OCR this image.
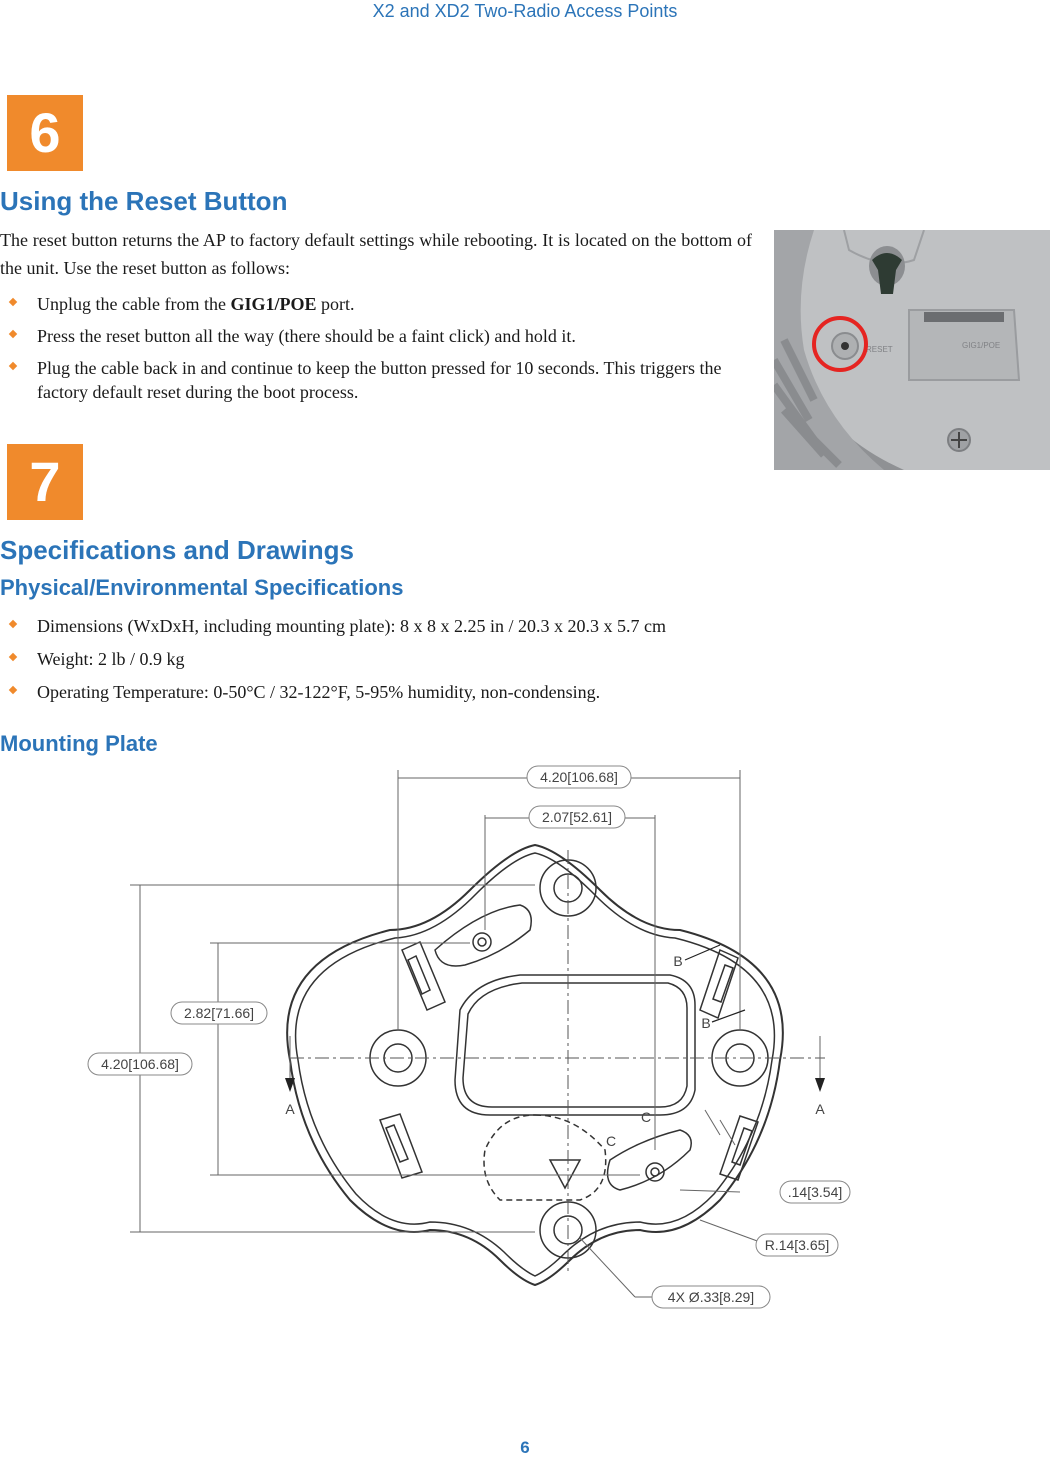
X2 and XD2 Two-Radio Access Points
6
Using the Reset Button
The reset button returns the AP to factory default settings while rebooting. It is located on the bottom of the unit. Use the reset button as follows:
Unplug the cable from the GIG1/POE port.
Press the reset button all the way (there should be a faint click) and hold it.
Plug the cable back in and continue to keep the button pressed for 10 seconds. This triggers the factory default reset during the boot process.
GIG1/POE
RESET
7
Specifications and Drawings
Physical/Environmental Specifications
Dimensions (WxDxH, including mounting plate): 8 x 8 x 2.25 in / 20.3 x 20.3 x 5.7 cm
Weight: 2 lb / 0.9 kg
Operating Temperature: 0-50°C / 32-122°F, 5-95% humidity, non-condensing.
Mounting Plate
4.20[106.68]
2.07[52.61]
2.82[71.66]
4.20[106.68]
.14[3.54]
R.14[3.65]
4X Ø.33[8.29]
A	A
B
B
C
C
6
